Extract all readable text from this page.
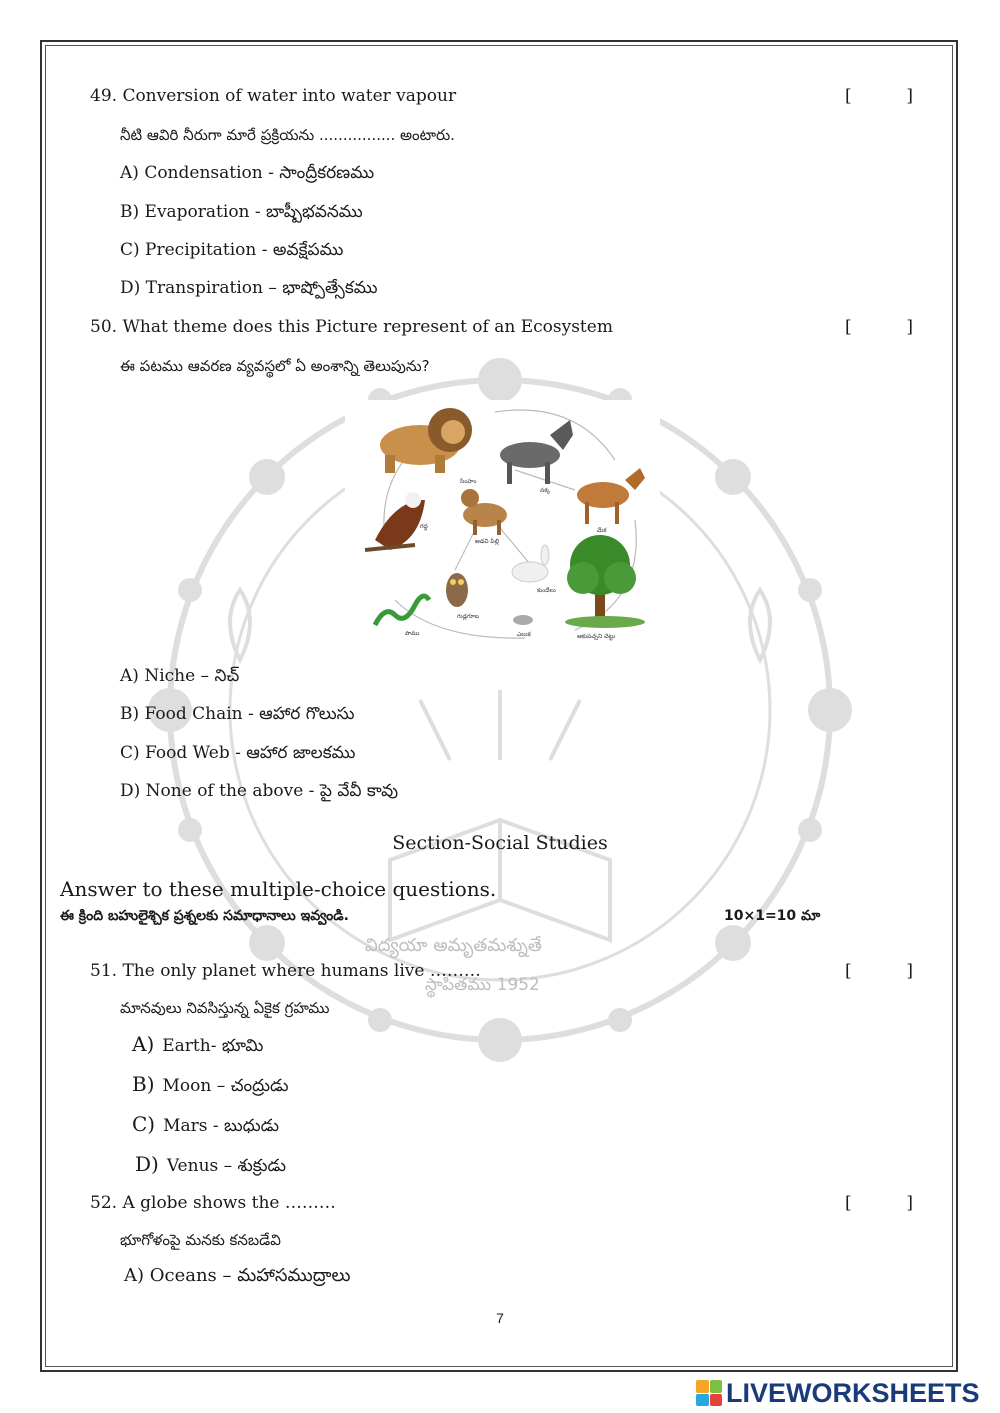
49. Conversion of water into water vapour	[	]
నీటి ఆవిరి నీరుగా మారే ప్రక్రియను ................ అంటారు.
A) Condensation - సాంద్రీకరణము
B) Evaporation - బాష్పీభవనము
C) Precipitation - అవక్షేపము
D) Transpiration – భాష్పోత్సేకము
50. What theme does this Picture represent of an Ecosystem	[	]
ఈ పటము ఆవరణ వ్యవస్థలో ఏ అంశాన్ని తెలుపును?
సింహం
నక్క
మేక
గద్ద
అడవి పిల్లి
కుందేలు
ఆకుపచ్చని చెట్టు
గుడ్లగూబ
పాము	ఎలుక
A) Niche – నిచ్
B) Food Chain - ఆహార గొలుసు
C) Food Web - ఆహార జాలకము
D) None of the above - పై వేవీ కావు
Section-Social Studies
Answer to these multiple-choice questions.
ఈ క్రింది బహులైశ్చిక ప్రశ్నలకు సమాధానాలు ఇవ్వండి.	10×1=10 మా
విద్యయా అమృతమశ్నుతే
స్థాపితము 1952
51. The only planet where humans live ………	[	]
మానవులు నివసిస్తున్న ఏకైక గ్రహము
A) Earth- భూమి
B) Moon – చంద్రుడు
C) Mars - బుధుడు
D) Venus – శుక్రుడు
52. A globe shows the ………	[	]
భూగోళంపై మనకు కనబడేవి
A) Oceans – మహాసముద్రాలు
7
LIVEWORKSHEETS
